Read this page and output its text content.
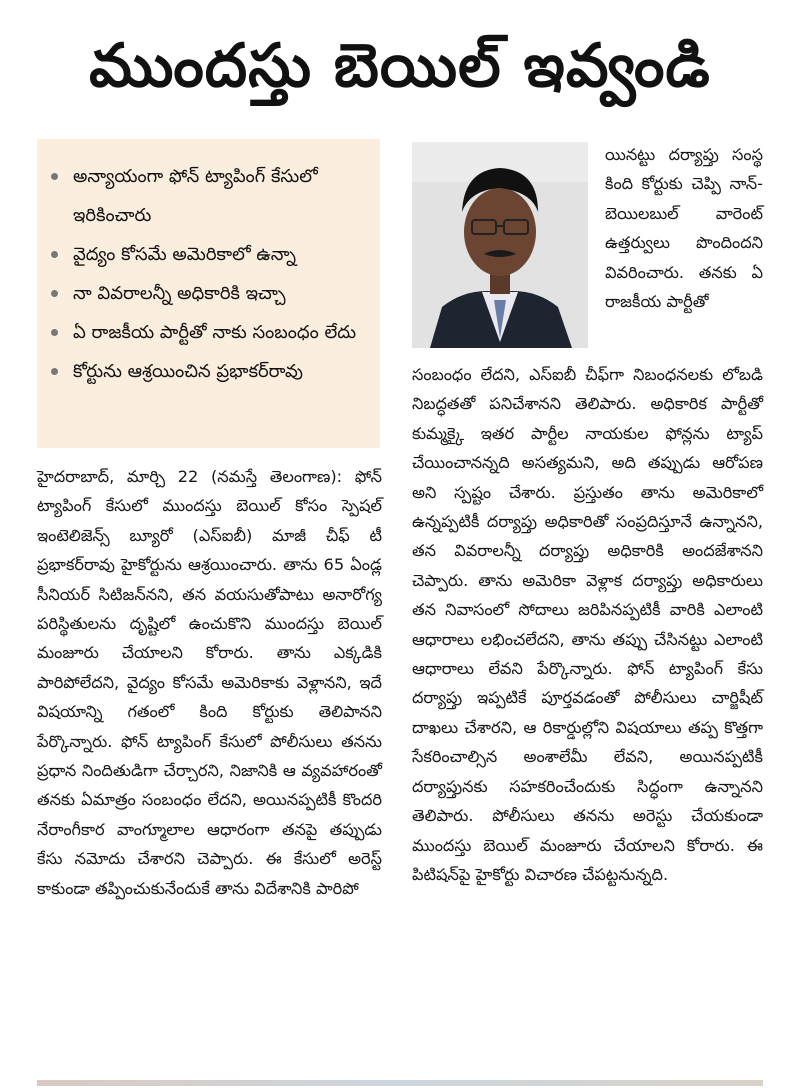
ముందస్తు బెయిల్ ఇవ్వండి
అన్యాయంగా ఫోన్ ట్యాపింగ్ కేసులో ఇరికించారు
వైద్యం కోసమే అమెరికాలో ఉన్నా
నా వివరాలన్నీ అధికారికి ఇచ్చా
ఏ రాజకీయ పార్టీతో నాకు సంబంధం లేదు
కోర్టును ఆశ్రయించిన ప్రభాకర్‌రావు

యినట్టు దర్యాప్తు సంస్థ కింది కోర్టుకు చెప్పి నాన్-బెయిలబుల్ వారెంట్ ఉత్తర్వులు పొందిందని వివరించారు. తనకు ఏ రాజకీయ పార్టీతో

హైదరాబాద్, మార్చి 22 (నమస్తే తెలంగాణ): ఫోన్ ట్యాపింగ్ కేసులో ముందస్తు బెయిల్ కోసం స్పెషల్ ఇంటెలిజెన్స్ బ్యూరో (ఎస్ఐబీ) మాజీ చీఫ్ టీ ప్రభాకర్‌రావు హైకోర్టును ఆశ్రయించారు. తాను 65 ఏండ్ల సీనియర్ సిటిజన్‌నని, తన వయసుతోపాటు అనారోగ్య పరిస్థితులను దృష్టిలో ఉంచుకొని ముందస్తు బెయిల్ మంజూరు చేయాలని కోరారు. తాను ఎక్కడికి పారిపోలేదని, వైద్యం కోసమే అమెరికాకు వెళ్లానని, ఇదే విషయాన్ని గతంలో కింది కోర్టుకు తెలిపానని పేర్కొన్నారు. ఫోన్ ట్యాపింగ్ కేసులో పోలీసులు తనను ప్రధాన నిందితుడిగా చేర్చారని, నిజానికి ఆ వ్యవహారంతో తనకు ఏమాత్రం సంబంధం లేదని, అయినప్పటికీ కొందరి నేరాంగీకార వాంగ్మూలాల ఆధారంగా తనపై తప్పుడు కేసు నమోదు చేశారని చెప్పారు. ఈ కేసులో అరెస్ట్ కాకుండా తప్పించుకునేందుకే తాను విదేశానికి పారిపో

సంబంధం లేదని, ఎస్ఐబీ చీఫ్‌గా నిబంధనలకు లోబడి నిబద్ధతతో పనిచేశానని తెలిపారు. అధికారిక పార్టీతో కుమ్మక్కై ఇతర పార్టీల నాయకుల ఫోన్లను ట్యాప్ చేయించానన్నది అసత్యమని, అది తప్పుడు ఆరోపణ అని స్పష్టం చేశారు. ప్రస్తుతం తాను అమెరికాలో ఉన్నప్పటికీ దర్యాప్తు అధికారితో సంప్రదిస్తూనే ఉన్నానని, తన వివరాలన్నీ దర్యాప్తు అధికారికి అందజేశానని చెప్పారు. తాను అమెరికా వెళ్లాక దర్యాప్తు అధికారులు తన నివాసంలో సోదాలు జరిపినప్పటికీ వారికి ఎలాంటి ఆధారాలు లభించలేదని, తాను తప్పు చేసినట్టు ఎలాంటి ఆధారాలు లేవని పేర్కొన్నారు. ఫోన్ ట్యాపింగ్ కేసు దర్యాప్తు ఇప్పటికే పూర్తవడంతో పోలీసులు చార్జిషీట్ దాఖలు చేశారని, ఆ రికార్డుల్లోని విషయాలు తప్ప కొత్తగా సేకరించాల్సిన అంశాలేమీ లేవని, అయినప్పటికీ దర్యాప్తునకు సహకరించేందుకు సిద్ధంగా ఉన్నానని తెలిపారు. పోలీసులు తనను అరెస్టు చేయకుండా ముందస్తు బెయిల్ మంజూరు చేయాలని కోరారు. ఈ పిటిషన్‌పై హైకోర్టు విచారణ చేపట్టనున్నది.
